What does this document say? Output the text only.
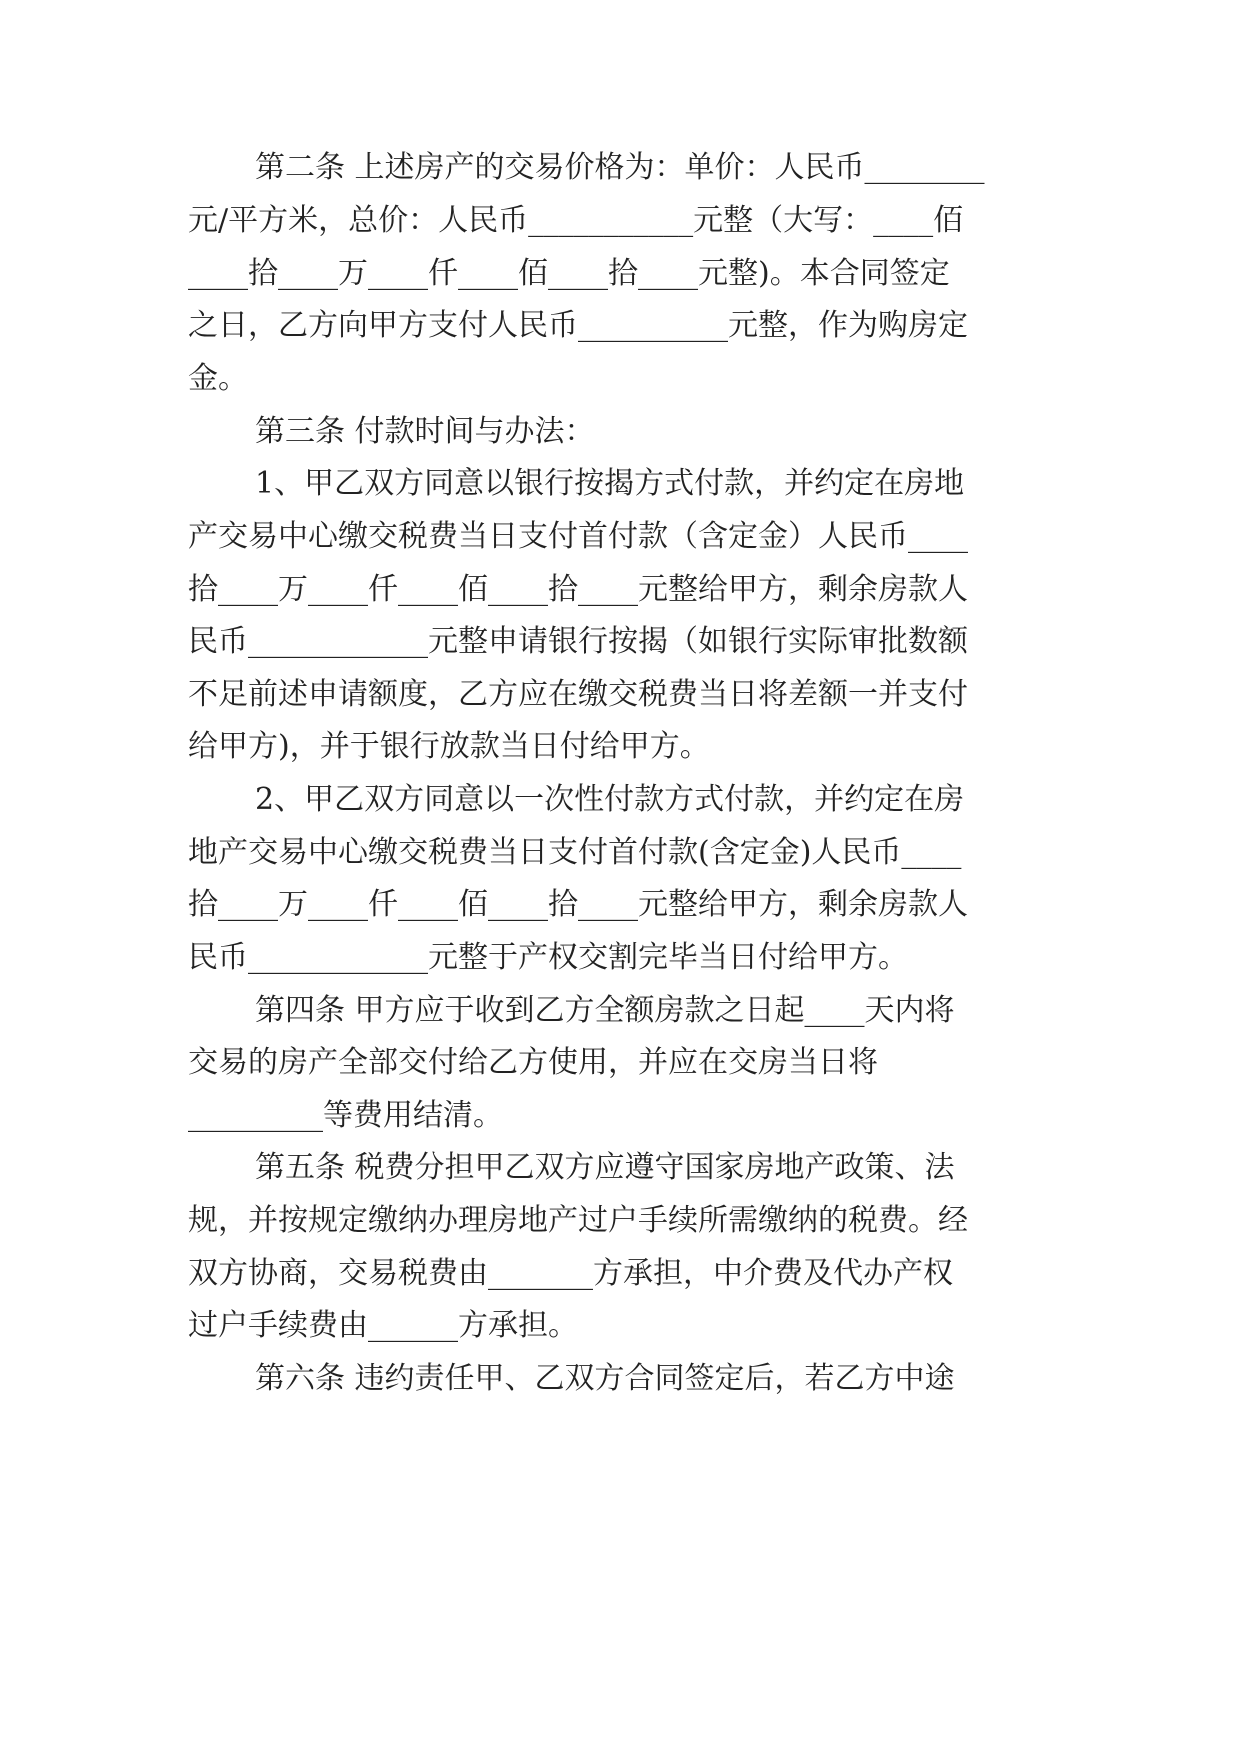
第二条 上述房产的交易价格为：单价：人民币________
元/平方米，总价：人民币___________元整（大写：____佰
____拾____万____仟____佰____拾____元整)。本合同签定
之日，乙方向甲方支付人民币__________元整，作为购房定
金。
第三条 付款时间与办法：
1、甲乙双方同意以银行按揭方式付款，并约定在房地
产交易中心缴交税费当日支付首付款（含定金）人民币____
拾____万____仟____佰____拾____元整给甲方，剩余房款人
民币____________元整申请银行按揭（如银行实际审批数额
不足前述申请额度，乙方应在缴交税费当日将差额一并支付
给甲方)，并于银行放款当日付给甲方。
2、甲乙双方同意以一次性付款方式付款，并约定在房
地产交易中心缴交税费当日支付首付款(含定金)人民币____
拾____万____仟____佰____拾____元整给甲方，剩余房款人
民币____________元整于产权交割完毕当日付给甲方。
第四条 甲方应于收到乙方全额房款之日起____天内将
交易的房产全部交付给乙方使用，并应在交房当日将
_________等费用结清。
第五条 税费分担甲乙双方应遵守国家房地产政策、法
规，并按规定缴纳办理房地产过户手续所需缴纳的税费。经
双方协商，交易税费由_______方承担，中介费及代办产权
过户手续费由______方承担。
第六条 违约责任甲、乙双方合同签定后，若乙方中途
